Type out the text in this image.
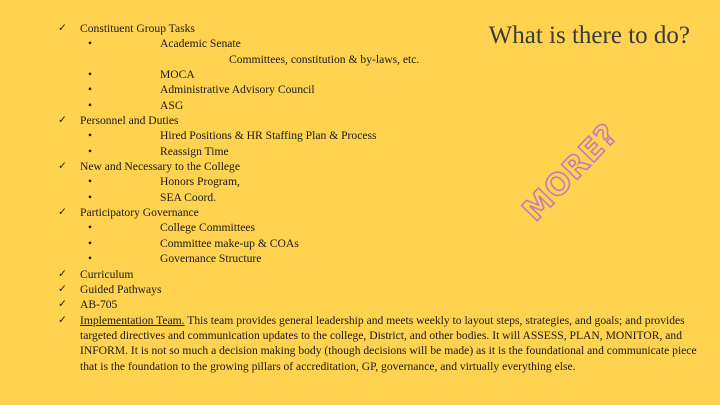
What is there to do?
MORE?
✓	Constituent Group Tasks
•	Academic Senate
Committees, constitution & by-laws, etc.
•	MOCA
•	Administrative Advisory Council
•	ASG
✓	Personnel and Duties
•	Hired Positions & HR Staffing Plan & Process
•	Reassign Time
✓	New and Necessary to the College
•	Honors Program,
•	SEA Coord.
✓	Participatory Governance
•	College Committees
•	Committee make-up & COAs
•	Governance Structure
✓	Curriculum
✓	Guided Pathways
✓	AB-705
✓	Implementation Team. This team provides general leadership and meets weekly to layout steps, strategies, and goals; and provides targeted directives and communication updates to the college, District, and other bodies. It will ASSESS, PLAN, MONITOR, and INFORM. It is not so much a decision making body (though decisions will be made) as it is the foundational and communicate piece that is the foundation to the growing pillars of accreditation, GP, governance, and virtually everything else.
